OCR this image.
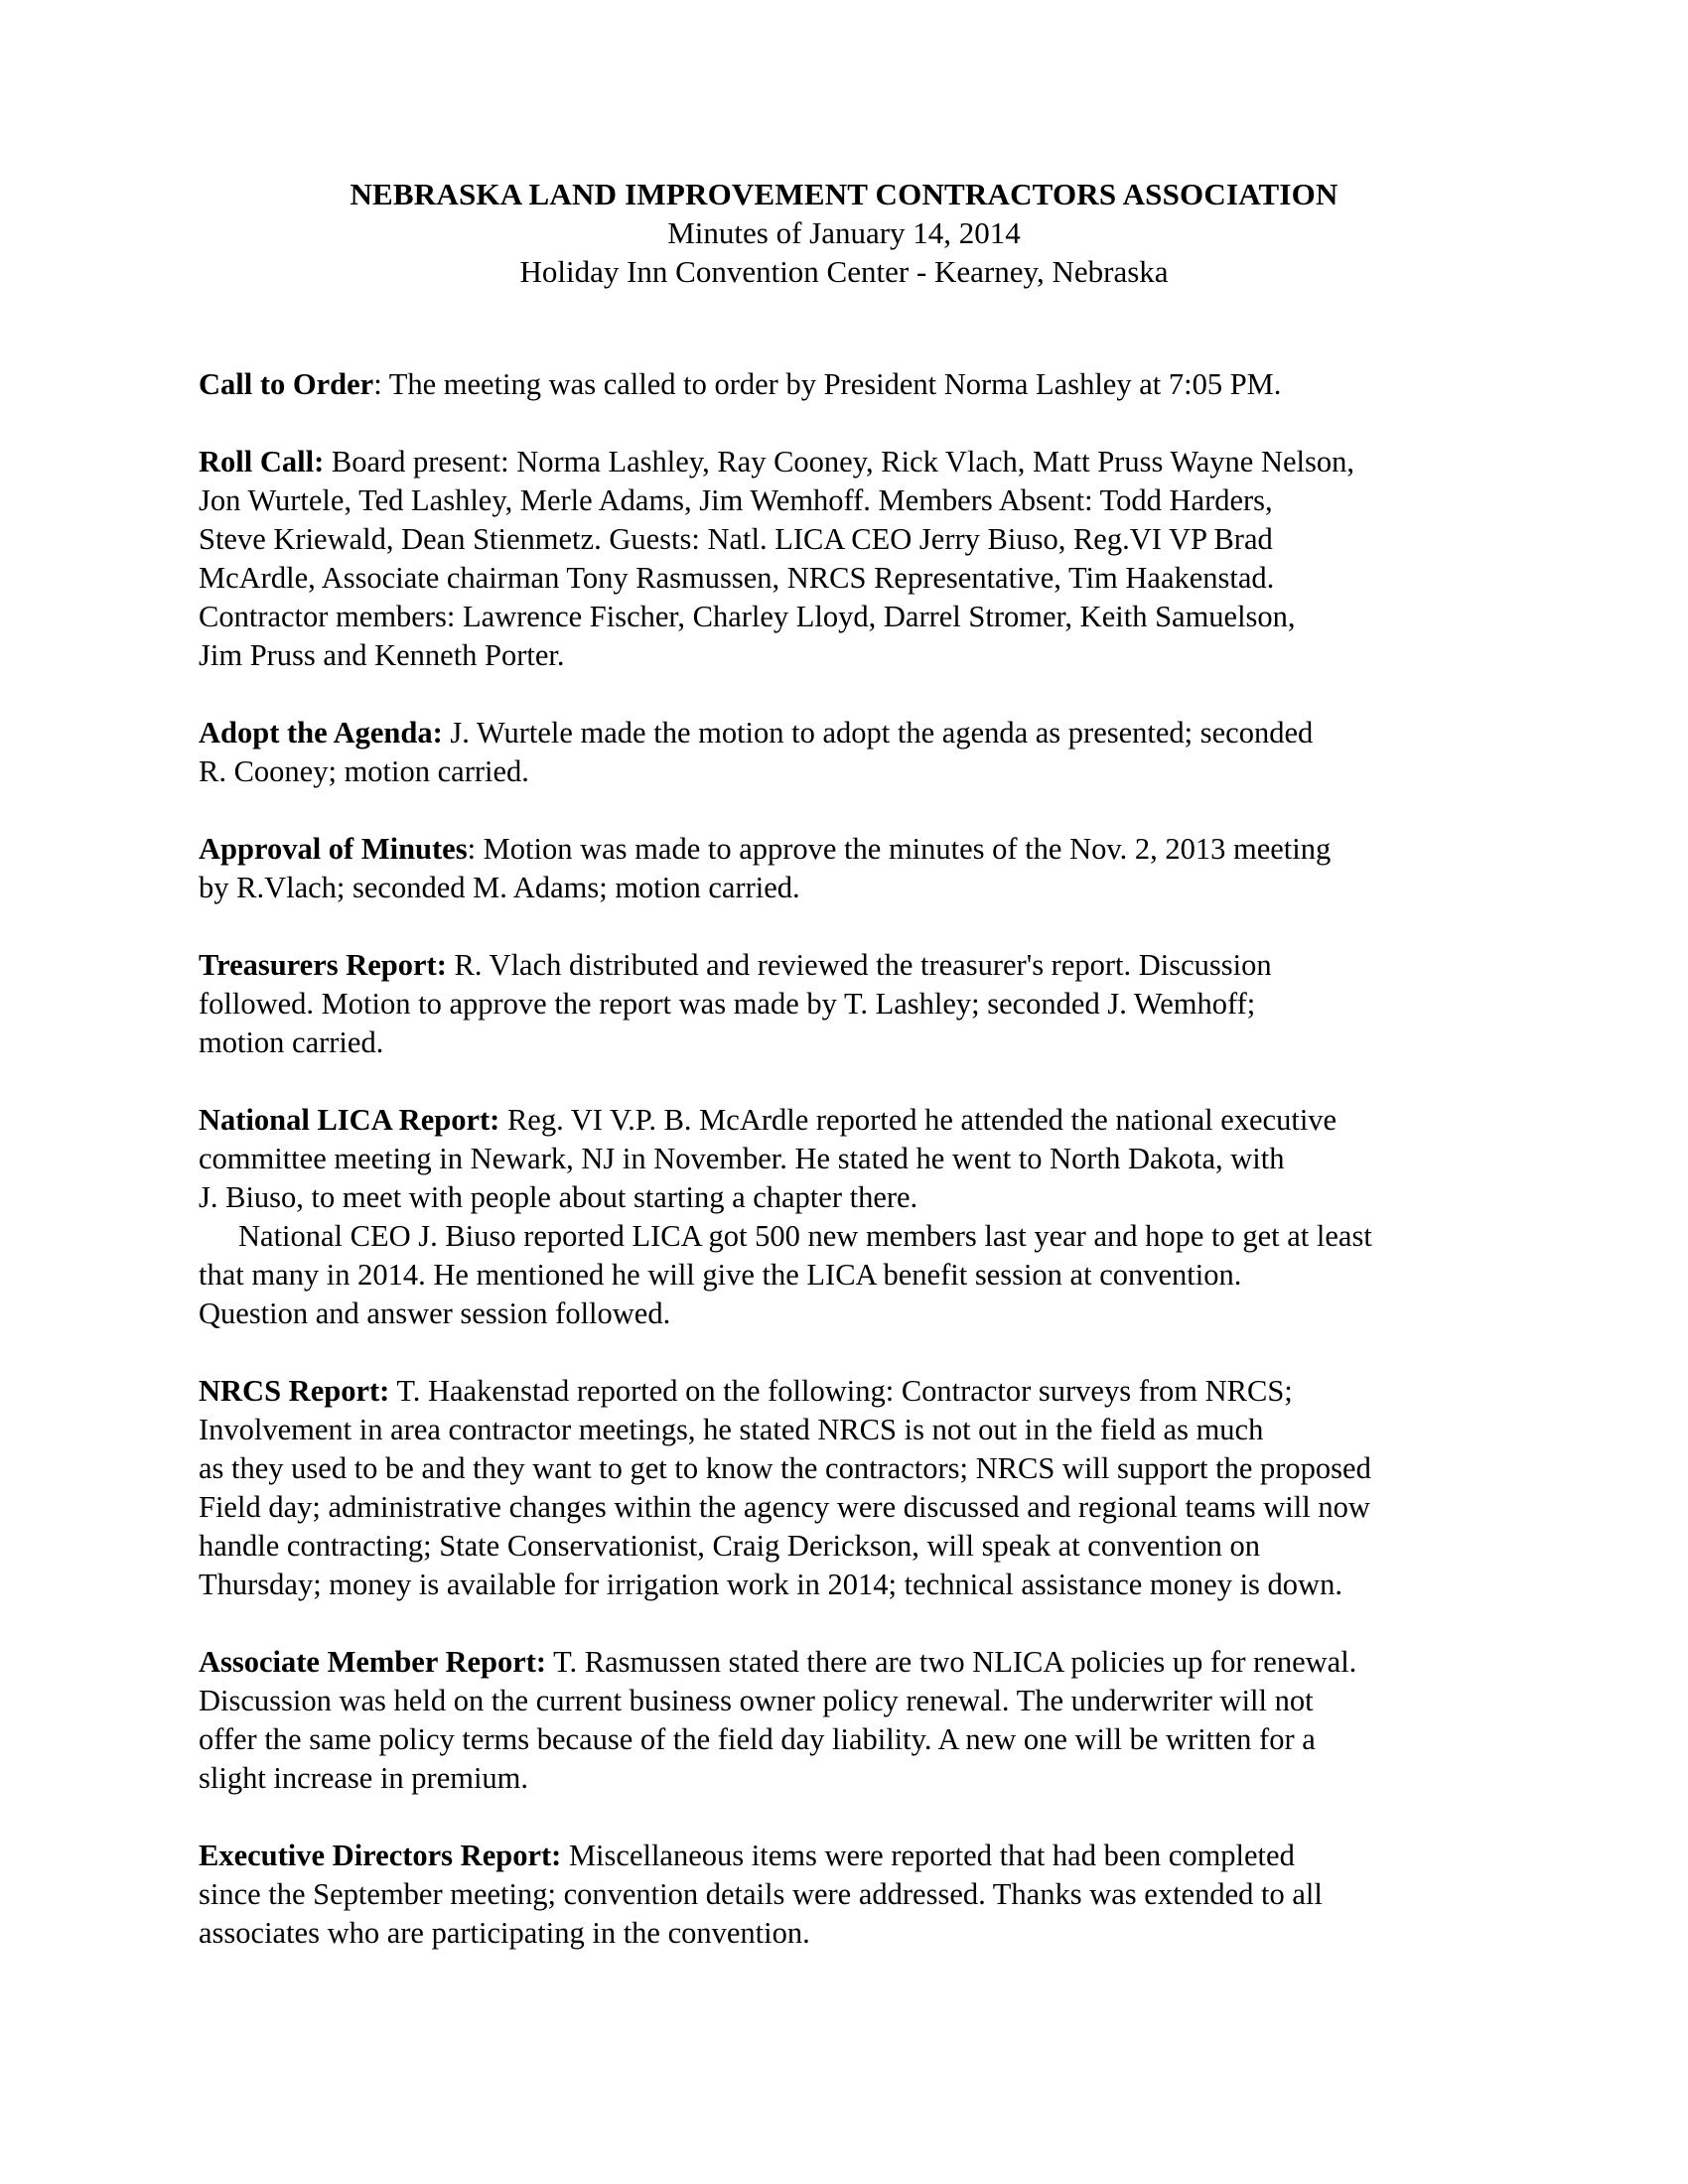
NEBRASKA LAND IMPROVEMENT CONTRACTORS ASSOCIATION
Minutes of January 14, 2014
Holiday Inn Convention Center - Kearney, Nebraska
Call to Order: The meeting was called to order by President Norma Lashley at 7:05 PM.
Roll Call: Board present: Norma Lashley, Ray Cooney, Rick Vlach, Matt Pruss Wayne Nelson,
Jon Wurtele, Ted Lashley, Merle Adams, Jim Wemhoff. Members Absent: Todd Harders,
Steve Kriewald, Dean Stienmetz. Guests: Natl. LICA CEO Jerry Biuso, Reg.VI VP Brad
McArdle, Associate chairman Tony Rasmussen, NRCS Representative, Tim Haakenstad.
Contractor members: Lawrence Fischer, Charley Lloyd, Darrel Stromer, Keith Samuelson,
Jim Pruss and Kenneth Porter.
Adopt the Agenda: J. Wurtele made the motion to adopt the agenda as presented; seconded
R. Cooney; motion carried.
Approval of Minutes: Motion was made to approve the minutes of the Nov. 2, 2013 meeting
by R.Vlach; seconded M. Adams; motion carried.
Treasurers Report: R. Vlach distributed and reviewed the treasurer's report. Discussion
followed. Motion to approve the report was made by T. Lashley; seconded J. Wemhoff;
motion carried.
National LICA Report: Reg. VI V.P. B. McArdle reported he attended the national executive
committee meeting in Newark, NJ in November. He stated he went to North Dakota, with
J. Biuso, to meet with people about starting a chapter there.
National CEO J. Biuso reported LICA got 500 new members last year and hope to get at least
that many in 2014. He mentioned he will give the LICA benefit session at convention.
Question and answer session followed.
NRCS Report: T. Haakenstad reported on the following: Contractor surveys from NRCS;
Involvement in area contractor meetings, he stated NRCS is not out in the field as much
as they used to be and they want to get to know the contractors; NRCS will support the proposed
Field day; administrative changes within the agency were discussed and regional teams will now
handle contracting; State Conservationist, Craig Derickson, will speak at convention on
Thursday; money is available for irrigation work in 2014; technical assistance money is down.
Associate Member Report: T. Rasmussen stated there are two NLICA policies up for renewal.
Discussion was held on the current business owner policy renewal. The underwriter will not
offer the same policy terms because of the field day liability. A new one will be written for a
slight increase in premium.
Executive Directors Report: Miscellaneous items were reported that had been completed
since the September meeting; convention details were addressed. Thanks was extended to all
associates who are participating in the convention.
